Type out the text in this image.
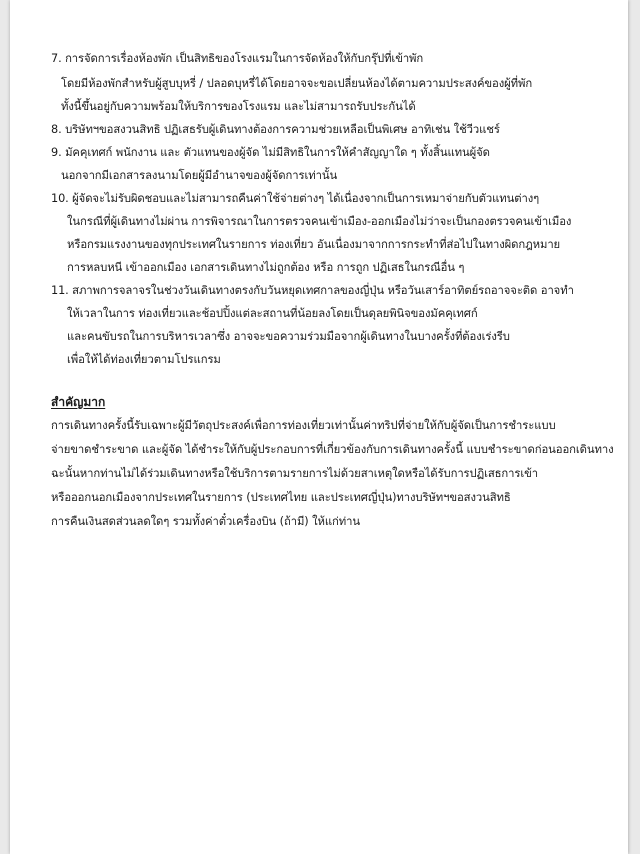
7. การจัดการเรื่องห้องพัก เป็นสิทธิของโรงแรมในการจัดห้องให้กับกรุ๊ปที่เข้าพัก
โดยมีห้องพักสำหรับผู้สูบบุหรี่ / ปลอดบุหรี่ได้โดยอาจจะขอเปลี่ยนห้องได้ตามความประสงค์ของผู้ที่พัก
ทั้งนี้ขึ้นอยู่กับความพร้อมให้บริการของโรงแรม และไม่สามารถรับประกันได้
8. บริษัทฯขอสงวนสิทธิ ปฏิเสธรับผู้เดินทางต้องการความช่วยเหลือเป็นพิเศษ อาทิเช่น ใช้วีวแชร์
9. มัคคุเทศก์ พนักงาน และ ตัวแทนของผู้จัด ไม่มีสิทธิในการให้คำสัญญาใด ๆ ทั้งสิ้นแทนผู้จัด
นอกจากมีเอกสารลงนามโดยผู้มีอำนาจของผู้จัดการเท่านั้น
10. ผู้จัดจะไม่รับผิดชอบและไม่สามารถคืนค่าใช้จ่ายต่างๆ ได้เนื่องจากเป็นการเหมาจ่ายกับตัวแทนต่างๆ
ในกรณีที่ผู้เดินทางไม่ผ่าน การพิจารณาในการตรวจคนเข้าเมือง-ออกเมืองไม่ว่าจะเป็นกองตรวจคนเข้าเมือง
หรือกรมแรงงานของทุกประเทศในรายการ ท่องเที่ยว อันเนื่องมาจากการกระทำที่ส่อไปในทางผิดกฎหมาย
การหลบหนี เข้าออกเมือง เอกสารเดินทางไม่ถูกต้อง หรือ การถูก ปฏิเสธในกรณีอื่น ๆ
11. สภาพการจลาจรในช่วงวันเดินทางตรงกับวันหยุดเทศกาลของญี่ปุ่น หรือวันเสาร์อาทิตย์รถอาจจะติด อาจทำ
ให้เวลาในการ ท่องเที่ยวและช้อปปิ้งแต่ละสถานที่น้อยลงโดยเป็นดุลยพินิจของมัคคุเทศก์
และคนขับรถในการบริหารเวลาซึ่ง อาจจะขอความร่วมมือจากผู้เดินทางในบางครั้งที่ต้องเร่งรีบ
เพื่อให้ได้ท่องเที่ยวตามโปรแกรม
สำคัญมาก
การเดินทางครั้งนี้รับเฉพาะผู้มีวัตถุประสงค์เพื่อการท่องเที่ยวเท่านั้นค่าทริปที่จ่ายให้กับผู้จัดเป็นการชำระแบบ
จ่ายขาดชำระขาด และผู้จัด ได้ชำระให้กับผู้ประกอบการที่เกี่ยวข้องกับการเดินทางครั้งนี้ แบบชำระขาดก่อนออกเดินทาง
ฉะนั้นหากท่านไม่ได้ร่วมเดินทางหรือใช้บริการตามรายการไม่ด้วยสาเหตุใดหรือได้รับการปฏิเสธการเข้า
หรือออกนอกเมืองจากประเทศในรายการ (ประเทศไทย และประเทศญี่ปุ่น)ทางบริษัทฯขอสงวนสิทธิ
การคืนเงินสดส่วนลดใดๆ รวมทั้งค่าตั๋วเครื่องบิน (ถ้ามี) ให้แก่ท่าน
